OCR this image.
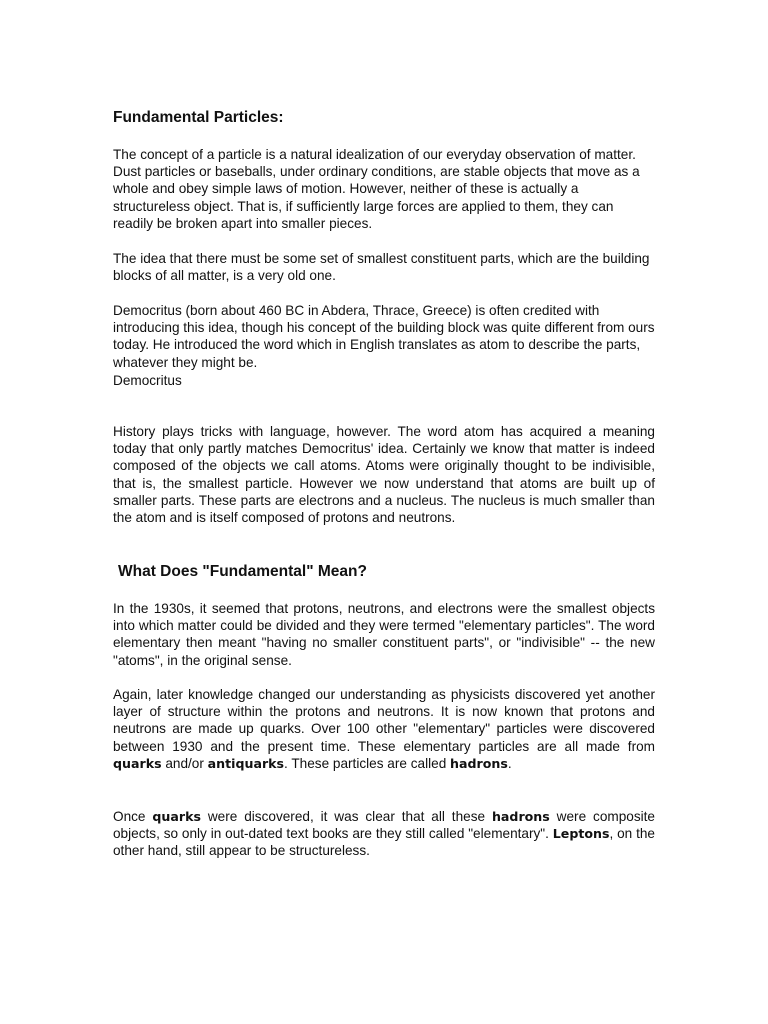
Fundamental Particles:

The concept of a particle is a natural idealization of our everyday observation of matter. Dust particles or baseballs, under ordinary conditions, are stable objects that move as a whole and obey simple laws of motion. However, neither of these is actually a structureless object. That is, if sufficiently large forces are applied to them, they can readily be broken apart into smaller pieces.

The idea that there must be some set of smallest constituent parts, which are the building blocks of all matter, is a very old one.

Democritus (born about 460 BC in Abdera, Thrace, Greece) is often credited with introducing this idea, though his concept of the building block was quite different from ours today. He introduced the word which in English translates as atom to describe the parts, whatever they might be.

Democritus

History plays tricks with language, however. The word atom has acquired a meaning today that only partly matches Democritus' idea. Certainly we know that matter is indeed composed of the objects we call atoms. Atoms were originally thought to be indivisible, that is, the smallest particle. However we now understand that atoms are built up of smaller parts. These parts are electrons and a nucleus. The nucleus is much smaller than the atom and is itself composed of protons and neutrons.

What Does "Fundamental" Mean?

In the 1930s, it seemed that protons, neutrons, and electrons were the smallest objects into which matter could be divided and they were termed "elementary particles". The word elementary then meant "having no smaller constituent parts", or "indivisible" -- the new "atoms", in the original sense.

Again, later knowledge changed our understanding as physicists discovered yet another layer of structure within the protons and neutrons. It is now known that protons and neutrons are made up quarks. Over 100 other "elementary" particles were discovered between 1930 and the present time. These elementary particles are all made from quarks and/or antiquarks. These particles are called hadrons.

Once quarks were discovered, it was clear that all these hadrons were composite objects, so only in out-dated text books are they still called "elementary". Leptons, on the other hand, still appear to be structureless.
